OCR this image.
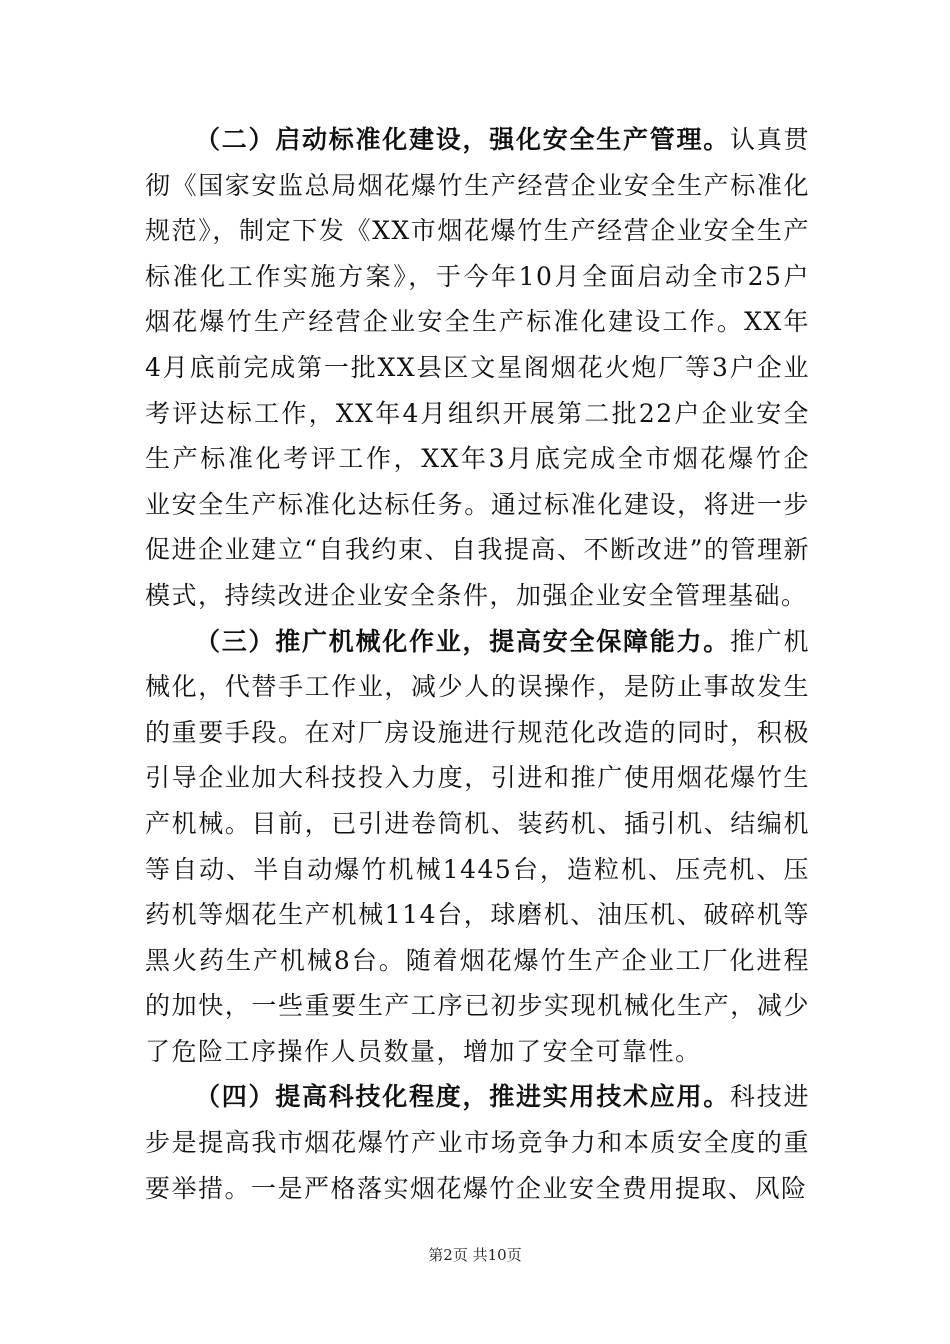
（二）启动标准化建设，强化安全生产管理。认真贯彻《国家安监总局烟花爆竹生产经营企业安全生产标准化规范》，制定下发《XX市烟花爆竹生产经营企业安全生产标准化工作实施方案》，于今年10月全面启动全市25户烟花爆竹生产经营企业安全生产标准化建设工作。XX年4月底前完成第一批XX县区文星阁烟花火炮厂等3户企业考评达标工作，XX年4月组织开展第二批22户企业安全生产标准化考评工作，XX年3月底完成全市烟花爆竹企业安全生产标准化达标任务。通过标准化建设，将进一步促进企业建立“自我约束、自我提高、不断改进”的管理新模式，持续改进企业安全条件，加强企业安全管理基础。

（三）推广机械化作业，提高安全保障能力。推广机械化，代替手工作业，减少人的误操作，是防止事故发生的重要手段。在对厂房设施进行规范化改造的同时，积极引导企业加大科技投入力度，引进和推广使用烟花爆竹生产机械。目前，已引进卷筒机、装药机、插引机、结编机等自动、半自动爆竹机械1445台，造粒机、压壳机、压药机等烟花生产机械114台，球磨机、油压机、破碎机等黑火药生产机械8台。随着烟花爆竹生产企业工厂化进程的加快，一些重要生产工序已初步实现机械化生产，减少了危险工序操作人员数量，增加了安全可靠性。

（四）提高科技化程度，推进实用技术应用。科技进步是提高我市烟花爆竹产业市场竞争力和本质安全度的重要举措。一是严格落实烟花爆竹企业安全费用提取、风险

第2页 共10页
